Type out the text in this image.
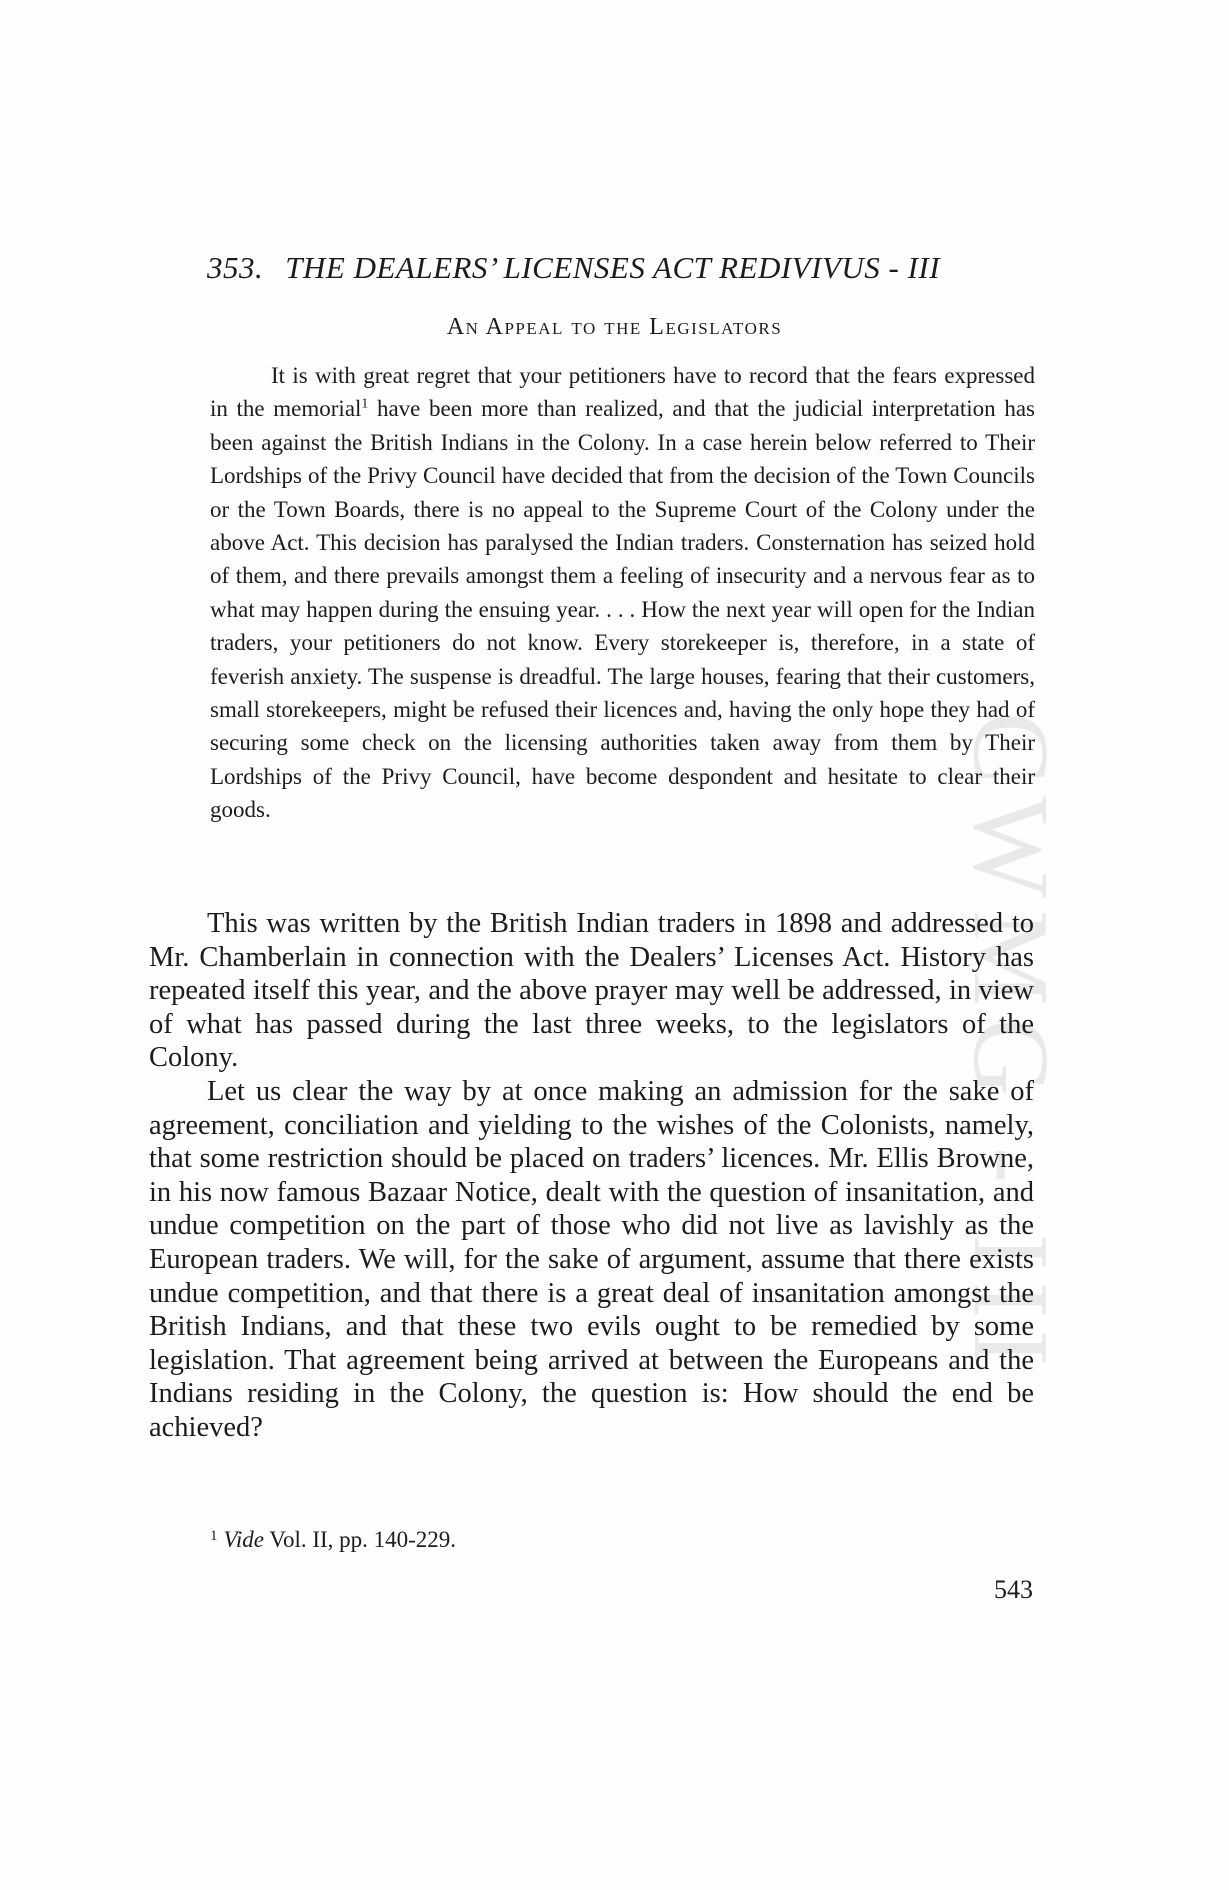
CWMG - III
353. THE DEALERS’ LICENSES ACT REDIVIVUS - III
An Appeal to the Legislators

It is with great regret that your petitioners have to record that the fears expressed in the memorial$^1$ have been more than realized, and that the judicial interpretation has been against the British Indians in the Colony. In a case herein below referred to Their Lordships of the Privy Council have decided that from the decision of the Town Councils or the Town Boards, there is no appeal to the Supreme Court of the Colony under the above Act. This decision has paralysed the Indian traders. Consternation has seized hold of them, and there prevails amongst them a feeling of insecurity and a nervous fear as to what may happen during the ensuing year. . . . How the next year will open for the Indian traders, your petitioners do not know. Every storekeeper is, therefore, in a state of feverish anxiety. The suspense is dreadful. The large houses, fearing that their customers, small storekeepers, might be refused their licences and, having the only hope they had of securing some check on the licensing authorities taken away from them by Their Lordships of the Privy Council, have become despondent and hesitate to clear their goods.

This was written by the British Indian traders in 1898 and addressed to Mr. Chamberlain in connection with the Dealers’ Licenses Act. History has repeated itself this year, and the above prayer may well be addressed, in view of what has passed during the last three weeks, to the legislators of the Colony.

Let us clear the way by at once making an admission for the sake of agreement, conciliation and yielding to the wishes of the Colonists, namely, that some restriction should be placed on traders’ licences. Mr. Ellis Browne, in his now famous Bazaar Notice, dealt with the question of insanitation, and undue competition on the part of those who did not live as lavishly as the European traders. We will, for the sake of argument, assume that there exists undue competition, and that there is a great deal of insanitation amongst the British Indians, and that these two evils ought to be remedied by some legislation. That agreement being arrived at between the Europeans and the Indians residing in the Colony, the question is: How should the end be achieved?

$^1$ Vide Vol. II, pp. 140-229.
543
